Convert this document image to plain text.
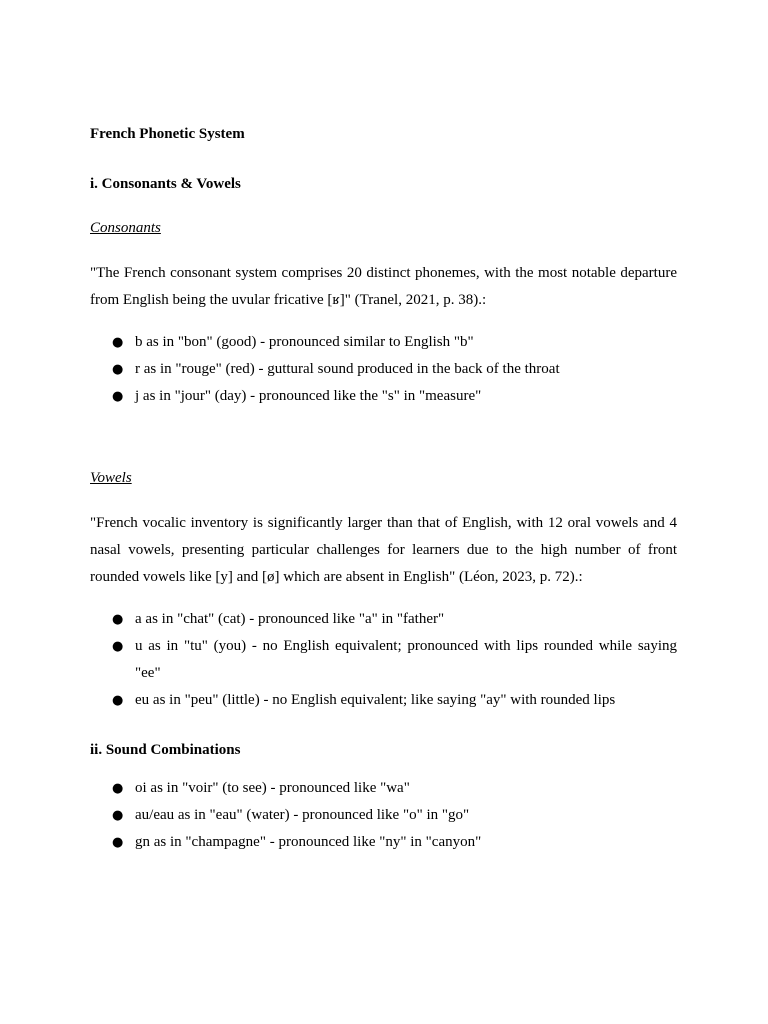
French Phonetic System

i. Consonants & Vowels

Consonants

"The French consonant system comprises 20 distinct phonemes, with the most notable departure from English being the uvular fricative [ʁ]" (Tranel, 2021, p. 38).:

● b as in "bon" (good) - pronounced similar to English "b"
● r as in "rouge" (red) - guttural sound produced in the back of the throat
● j as in "jour" (day) - pronounced like the "s" in "measure"

Vowels

"French vocalic inventory is significantly larger than that of English, with 12 oral vowels and 4 nasal vowels, presenting particular challenges for learners due to the high number of front rounded vowels like [y] and [ø] which are absent in English" (Léon, 2023, p. 72).:

● a as in "chat" (cat) - pronounced like "a" in "father"
● u as in "tu" (you) - no English equivalent; pronounced with lips rounded while saying "ee"
● eu as in "peu" (little) - no English equivalent; like saying "ay" with rounded lips

ii. Sound Combinations

● oi as in "voir" (to see) - pronounced like "wa"
● au/eau as in "eau" (water) - pronounced like "o" in "go"
● gn as in "champagne" - pronounced like "ny" in "canyon"
